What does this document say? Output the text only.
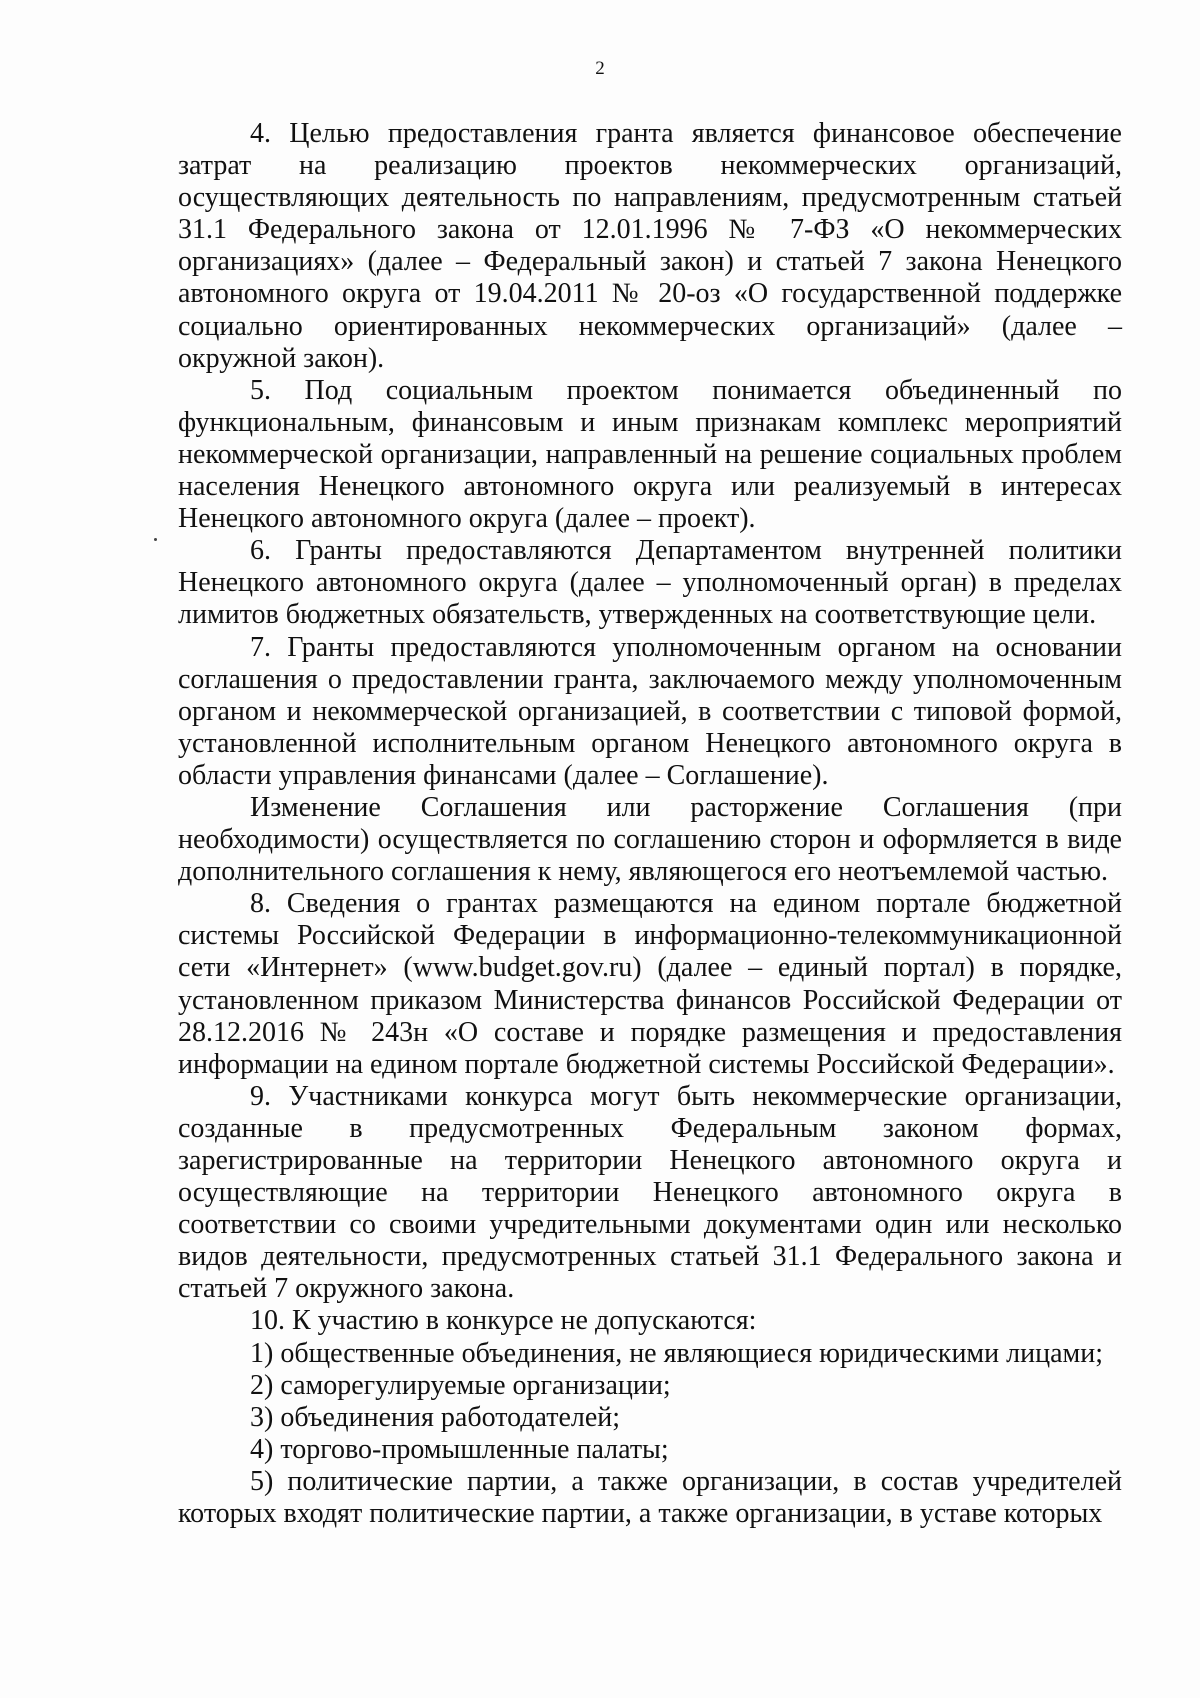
2

4. Целью предоставления гранта является финансовое обеспечение затрат на реализацию проектов некоммерческих организаций, осуществляющих деятельность по направлениям, предусмотренным статьей 31.1 Федерального закона от 12.01.1996 № 7-ФЗ «О некоммерческих организациях» (далее – Федеральный закон) и статьей 7 закона Ненецкого автономного округа от 19.04.2011 № 20-оз «О государственной поддержке социально ориентированных некоммерческих организаций» (далее – окружной закон).

5. Под социальным проектом понимается объединенный по функциональным, финансовым и иным признакам комплекс мероприятий некоммерческой организации, направленный на решение социальных проблем населения Ненецкого автономного округа или реализуемый в интересах Ненецкого автономного округа (далее – проект).

6. Гранты предоставляются Департаментом внутренней политики Ненецкого автономного округа (далее – уполномоченный орган) в пределах лимитов бюджетных обязательств, утвержденных на соответствующие цели.

7. Гранты предоставляются уполномоченным органом на основании соглашения о предоставлении гранта, заключаемого между уполномоченным органом и некоммерческой организацией, в соответствии с типовой формой, установленной исполнительным органом Ненецкого автономного округа в области управления финансами (далее – Соглашение).

Изменение Соглашения или расторжение Соглашения (при необходимости) осуществляется по соглашению сторон и оформляется в виде дополнительного соглашения к нему, являющегося его неотъемлемой частью.

8. Сведения о грантах размещаются на едином портале бюджетной системы Российской Федерации в информационно-телекоммуникационной сети «Интернет» (www.budget.gov.ru) (далее – единый портал) в порядке, установленном приказом Министерства финансов Российской Федерации от 28.12.2016 № 243н «О составе и порядке размещения и предоставления информации на едином портале бюджетной системы Российской Федерации».

9. Участниками конкурса могут быть некоммерческие организации, созданные в предусмотренных Федеральным законом формах, зарегистрированные на территории Ненецкого автономного округа и осуществляющие на территории Ненецкого автономного округа в соответствии со своими учредительными документами один или несколько видов деятельности, предусмотренных статьей 31.1 Федерального закона и статьей 7 окружного закона.

10. К участию в конкурсе не допускаются:

1) общественные объединения, не являющиеся юридическими лицами;

2) саморегулируемые организации;

3) объединения работодателей;

4) торгово-промышленные палаты;

5) политические партии, а также организации, в состав учредителей которых входят политические партии, а также организации, в уставе которых
